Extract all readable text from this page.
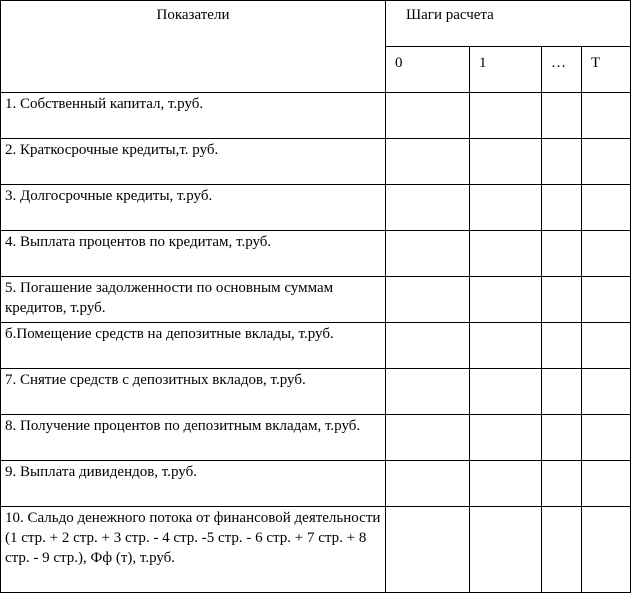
Показатели	Шаги расчета			
	0	1	…	T
1. Собственный капитал, т.руб.				
2. Краткосрочные кредиты,т. руб.				
3. Долгосрочные кредиты, т.руб.				
4. Выплата процентов по кредитам, т.руб.				
5. Погашение задолженности по основным суммам кредитов, т.руб.				
б.Помещение средств на депозитные вклады, т.руб.				
7. Снятие средств с депозитных вкладов, т.руб.				
8. Получение процентов по депозитным вкладам, т.руб.				
9. Выплата дивидендов, т.руб.				
10. Сальдо денежного потока от финансовой деятельности (1 стр. + 2 стр. + 3 стр. - 4 стр. -5 стр. - 6 стр. + 7 стр. + 8 стр. - 9 стр.), Фф (т), т.руб.				
